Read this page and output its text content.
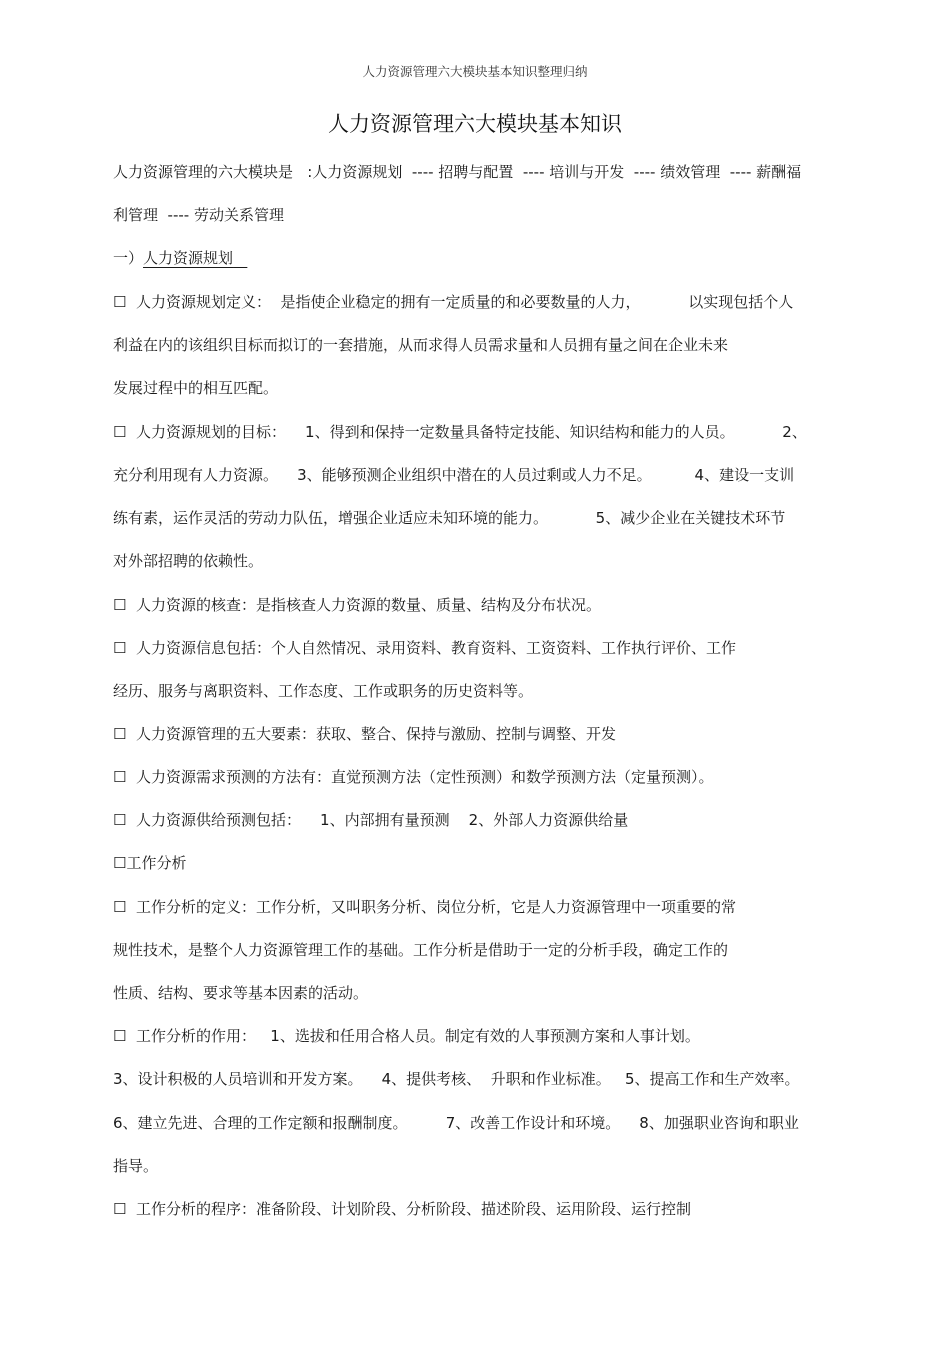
人力资源管理六大模块基本知识整理归纳
人力资源管理六大模块基本知识
人力资源管理的六大模块是   :人力资源规划  ---- 招聘与配置  ---- 培训与开发  ---- 绩效管理  ---- 薪酬福
利管理  ---- 劳动关系管理
一）人力资源规划
☐  人力资源规划定义：  是指使企业稳定的拥有一定质量的和必要数量的人力，          以实现包括个人
利益在内的该组织目标而拟订的一套措施，从而求得人员需求量和人员拥有量之间在企业未来
发展过程中的相互匹配。
☐  人力资源规划的目标：    1、得到和保持一定数量具备特定技能、知识结构和能力的人员。          2、
充分利用现有人力资源。    3、能够预测企业组织中潜在的人员过剩或人力不足。         4、建设一支训
练有素，运作灵活的劳动力队伍，增强企业适应未知环境的能力。          5、减少企业在关键技术环节
对外部招聘的依赖性。
☐  人力资源的核查：是指核查人力资源的数量、质量、结构及分布状况。
☐  人力资源信息包括：个人自然情况、录用资料、教育资料、工资资料、工作执行评价、工作
经历、服务与离职资料、工作态度、工作或职务的历史资料等。
☐  人力资源管理的五大要素：获取、整合、保持与激励、控制与调整、开发
☐  人力资源需求预测的方法有：直觉预测方法（定性预测）和数学预测方法（定量预测）。
☐  人力资源供给预测包括：    1、内部拥有量预测    2、外部人力资源供给量
☐工作分析
☐  工作分析的定义：工作分析，又叫职务分析、岗位分析，它是人力资源管理中一项重要的常
规性技术，是整个人力资源管理工作的基础。工作分析是借助于一定的分析手段，确定工作的
性质、结构、要求等基本因素的活动。
☐  工作分析的作用：   1、选拔和任用合格人员。制定有效的人事预测方案和人事计划。
3、设计积极的人员培训和开发方案。    4、提供考核、  升职和作业标准。   5、提高工作和生产效率。
6、建立先进、合理的工作定额和报酬制度。        7、改善工作设计和环境。    8、加强职业咨询和职业
指导。
☐  工作分析的程序：准备阶段、计划阶段、分析阶段、描述阶段、运用阶段、运行控制
